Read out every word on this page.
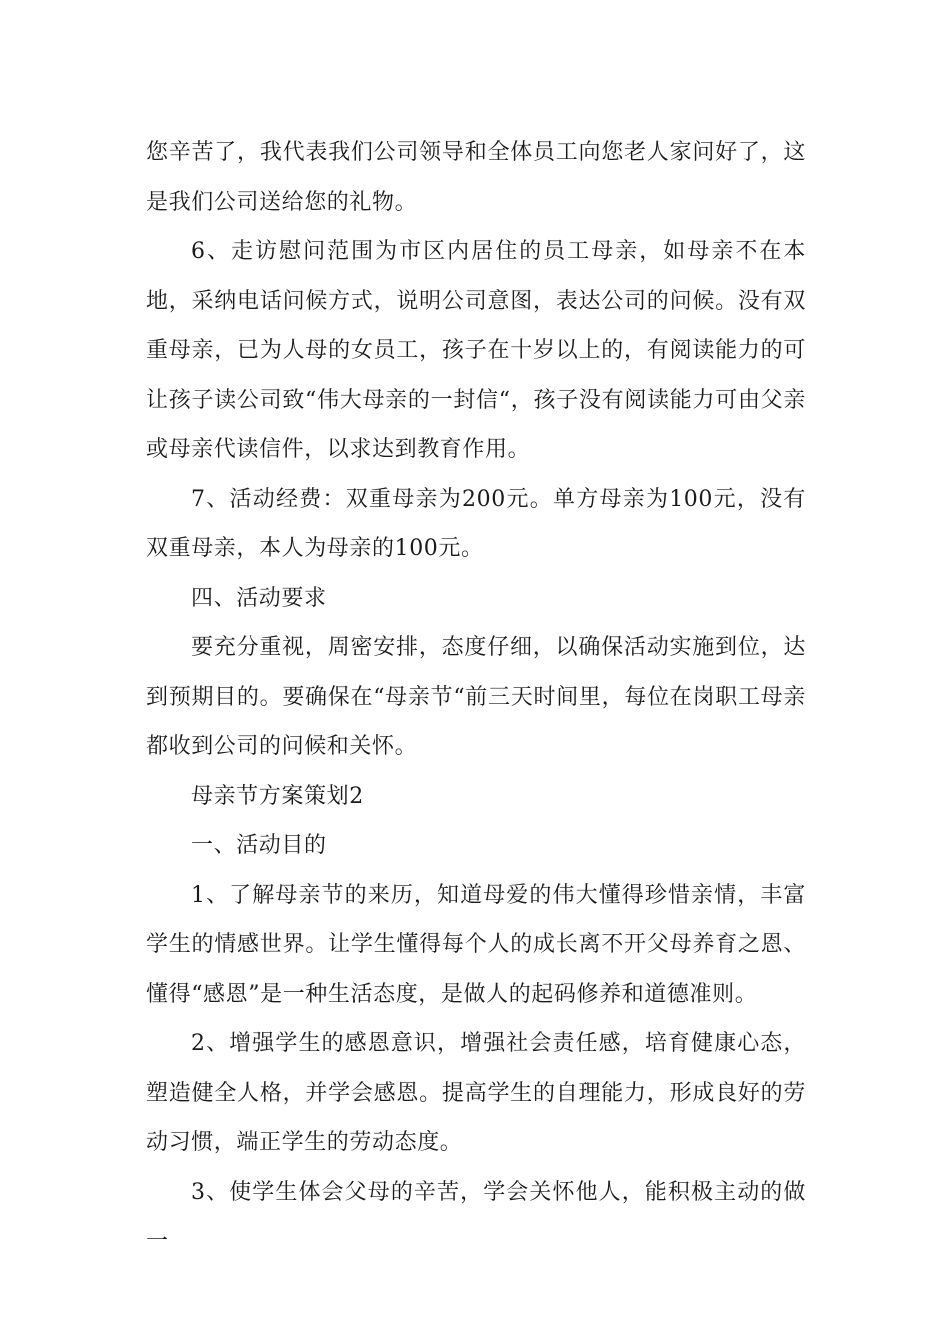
您辛苦了，我代表我们公司领导和全体员工向您老人家问好了，这是我们公司送给您的礼物。

6、走访慰问范围为市区内居住的员工母亲，如母亲不在本地，采纳电话问候方式，说明公司意图，表达公司的问候。没有双重母亲，已为人母的女员工，孩子在十岁以上的，有阅读能力的可让孩子读公司致“伟大母亲的一封信“，孩子没有阅读能力可由父亲或母亲代读信件，以求达到教育作用。

7、活动经费：双重母亲为200元。单方母亲为100元，没有双重母亲，本人为母亲的100元。

四、活动要求

要充分重视，周密安排，态度仔细，以确保活动实施到位，达到预期目的。要确保在“母亲节“前三天时间里，每位在岗职工母亲都收到公司的问候和关怀。

母亲节方案策划2

一、活动目的

1、了解母亲节的来历，知道母爱的伟大懂得珍惜亲情，丰富学生的情感世界。让学生懂得每个人的成长离不开父母养育之恩、懂得“感恩”是一种生活态度，是做人的起码修养和道德准则。

2、增强学生的感恩意识，增强社会责任感，培育健康心态，塑造健全人格，并学会感恩。提高学生的自理能力，形成良好的劳动习惯，端正学生的劳动态度。

3、使学生体会父母的辛苦，学会关怀他人，能积极主动的做一
